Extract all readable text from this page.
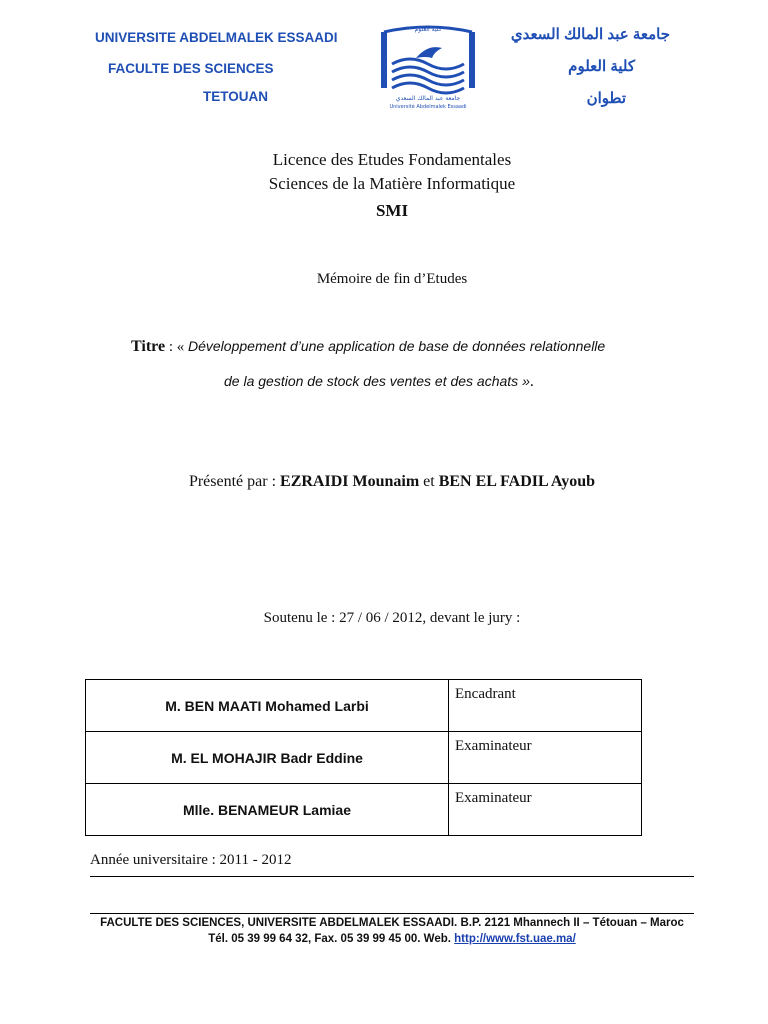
UNIVERSITE ABDELMALEK ESSAADI
FACULTE DES SCIENCES
TETOUAN
كلية العلوم
جامعة عبد المالك السعدي
Université Abdelmalek Essaadi
جامعة عبد المالك السعدي
كلية العلوم
تطوان
Licence des Etudes Fondamentales
Sciences de la Matière Informatique
SMI
Mémoire de fin d’Etudes
Titre : « Développement d’une application de base de données relationnelle
de la gestion de stock des ventes et des achats ».
Présenté par : EZRAIDI Mounaim et BEN EL FADIL Ayoub
Soutenu le : 27 / 06 / 2012, devant le jury :
M. BEN MAATI Mohamed Larbi	Encadrant
M. EL MOHAJIR Badr Eddine	Examinateur
Mlle. BENAMEUR Lamiae	Examinateur
Année universitaire : 2011 - 2012
FACULTE DES SCIENCES, UNIVERSITE ABDELMALEK ESSAADI. B.P. 2121 Mhannech II – Tétouan – Maroc
Tél. 05 39 99 64 32, Fax. 05 39 99 45 00. Web. http://www.fst.uae.ma/
